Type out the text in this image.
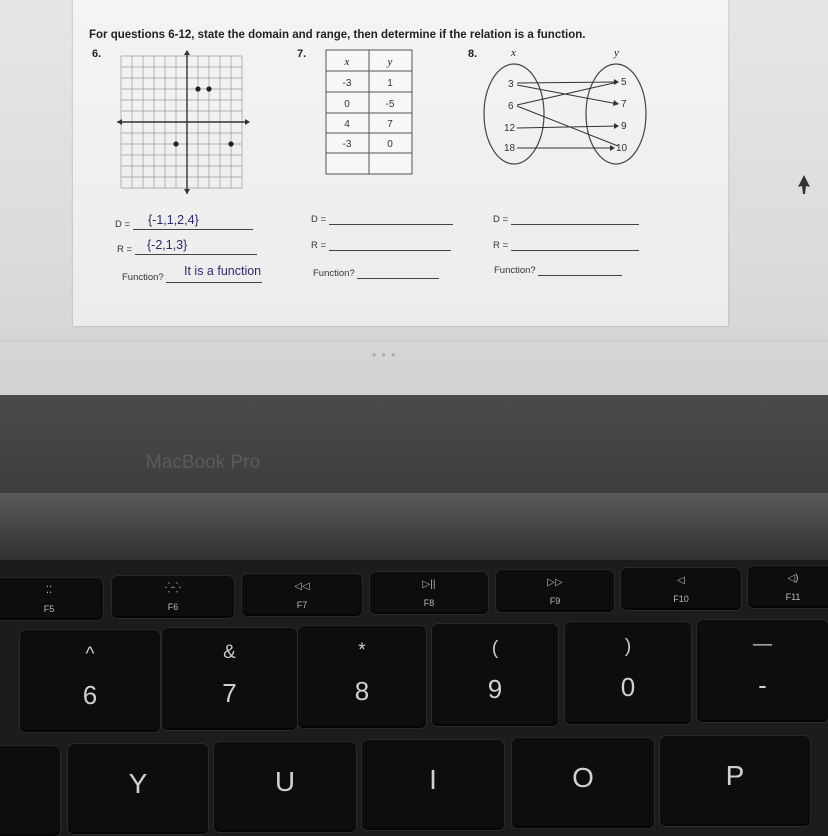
For questions 6-12, state the domain and range, then determine if the relation is a function.
6.
D =	{-1,1,2,4}
R =	{-2,1,3}
Function?	It is a function
7.
x	y
-3	1
0	-5
4	7
-3	0
D =
R =
Function?
8.	x	y
3
6
12
18
5
7
9
10
D =
R =
Function?
• • •
MacBook Pro
⁚⁚
F5
⁛⁛
F6
◁◁
F7
▷||
F8
▷▷
F9
◁
F10
◁)
F11
^
6
&
7
*
8
(
9
)
0
—
-
Y	U	I	O	P
